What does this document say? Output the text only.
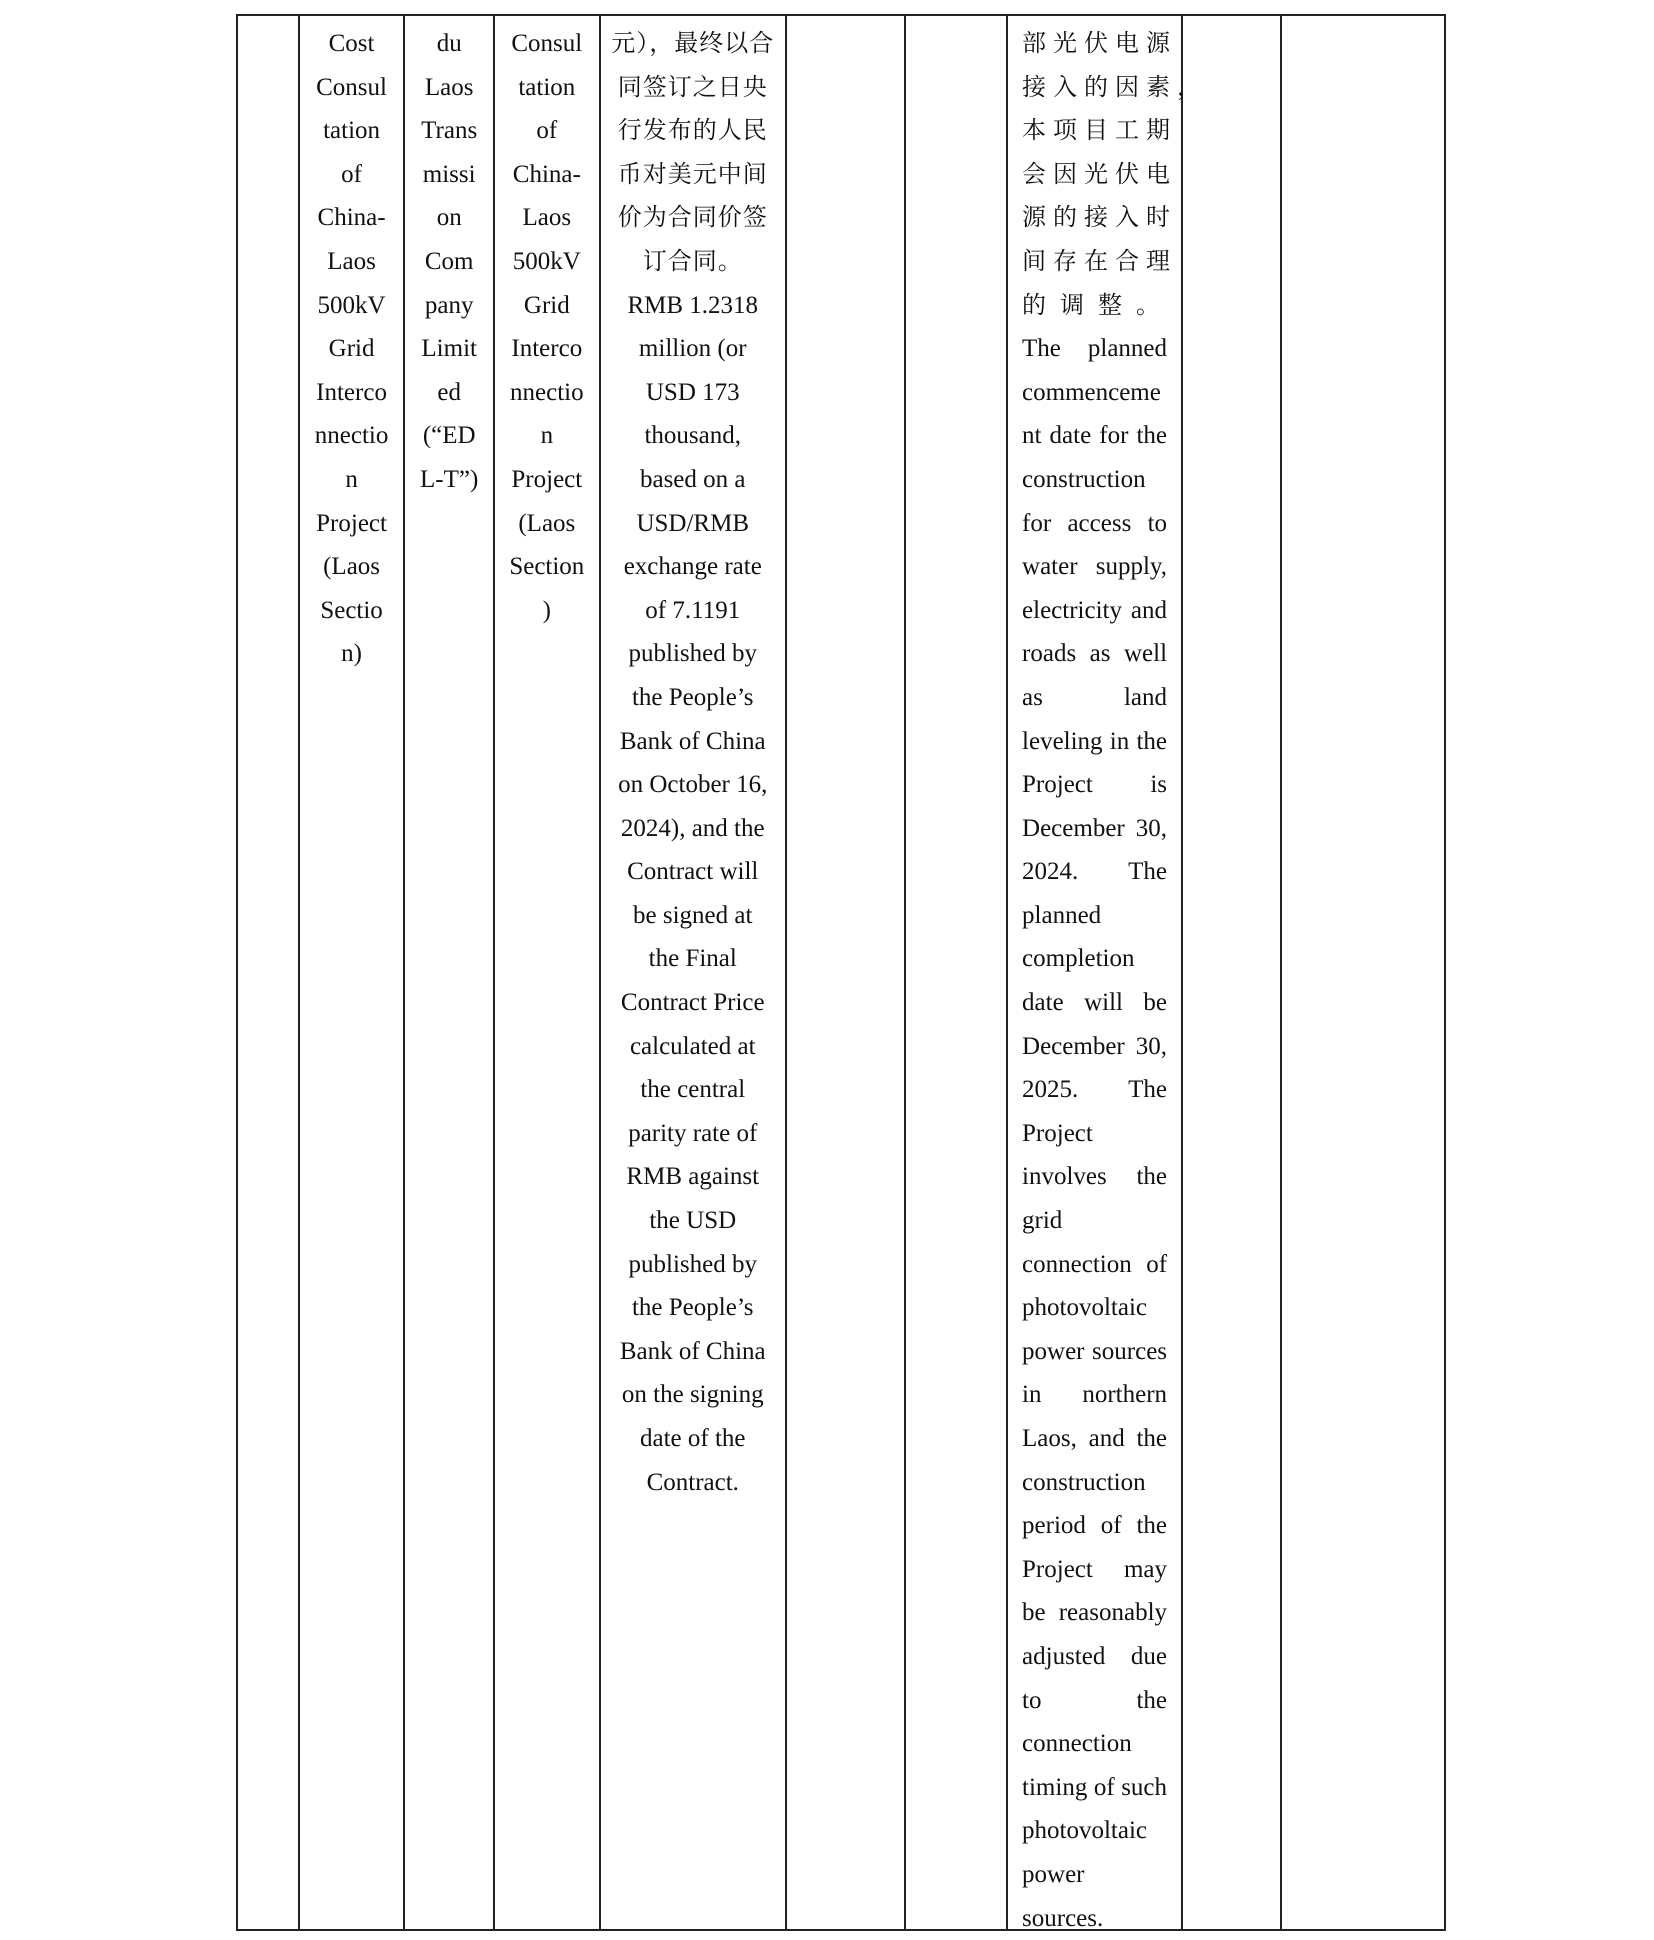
Cost
Consul
tation
of
China-
Laos
500kV
Grid
Interco
nnectio
n
Project
(Laos
Sectio
n)

du
Laos
Trans
missi
on
Com
pany
Limit
ed
(“ED
L-T”)

Consul
tation
of
China-
Laos
500kV
Grid
Interco
nnectio
n
Project
(Laos
Section
)

元），最终以合
同签订之日央
行发布的人民
币对美元中间
价为合同价签
订合同。
RMB 1.2318
million (or
USD 173
thousand,
based on a
USD/RMB
exchange rate
of 7.1191
published by
the People’s
Bank of China
on October 16,
2024), and the
Contract will
be signed at
the Final
Contract Price
calculated at
the central
parity rate of
RMB against
the USD
published by
the People’s
Bank of China
on the signing
date of the
Contract.

部光伏电源
接入的因素，
本项目工期
会因光伏电
源的接入时
间存在合理
的调整。
The planned
commenceme
nt date for the
construction
for access to
water supply,
electricity and
roads as well
as land
leveling in the
Project is
December 30,
2024. The
planned
completion
date will be
December 30,
2025. The
Project
involves the
grid
connection of
photovoltaic
power sources
in northern
Laos, and the
construction
period of the
Project may
be reasonably
adjusted due
to the
connection
timing of such
photovoltaic
power
sources.
